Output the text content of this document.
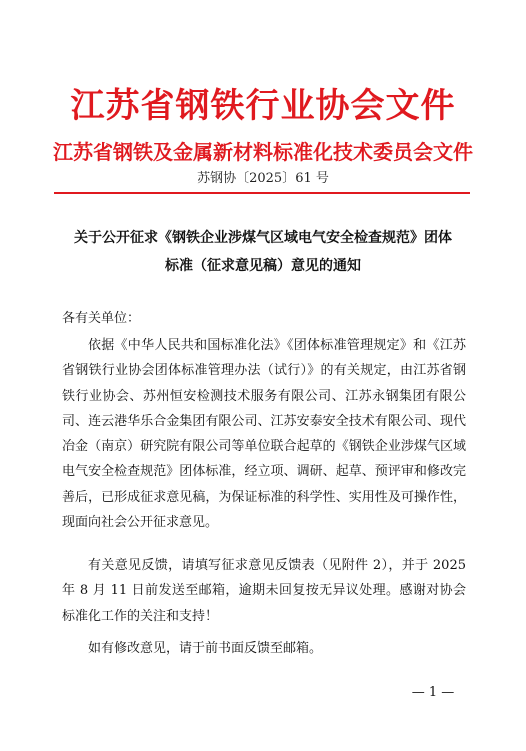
江苏省钢铁行业协会文件
江苏省钢铁及金属新材料标准化技术委员会文件
苏钢协〔2025〕61 号
关于公开征求《钢铁企业涉煤气区域电气安全检查规范》团体
标准（征求意见稿）意见的通知

各有关单位：

依据《中华人民共和国标准化法》《团体标准管理规定》和《江苏省钢铁行业协会团体标准管理办法（试行）》的有关规定，由江苏省钢铁行业协会、苏州恒安检测技术服务有限公司、江苏永钢集团有限公司、连云港华乐合金集团有限公司、江苏安泰安全技术有限公司、现代冶金（南京）研究院有限公司等单位联合起草的《钢铁企业涉煤气区域电气安全检查规范》团体标准，经立项、调研、起草、预评审和修改完善后，已形成征求意见稿，为保证标准的科学性、实用性及可操作性，现面向社会公开征求意见。

有关意见反馈，请填写征求意见反馈表（见附件 2），并于 2025 年 8 月 11 日前发送至邮箱，逾期未回复按无异议处理。感谢对协会标准化工作的关注和支持！

如有修改意见，请于前书面反馈至邮箱。

— 1 —
